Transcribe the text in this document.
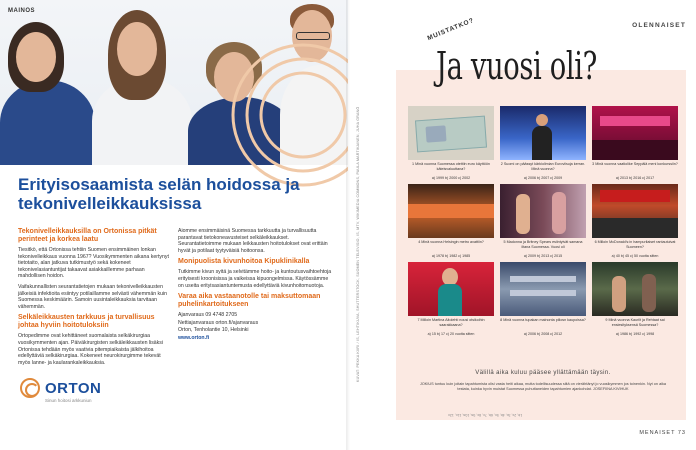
MAINOS
Erityisosaamista selän hoidossa ja tekonivelleikkauksissa
Tekonivelleikkauksilla on Ortonissa pitkät perinteet ja korkea laatu

Tiesitkö, että Ortonissa tehtiin Suomen ensimmäinen lonkan tekonivelleikkaus vuonna 1967? Vuosikymmenten aikana kertynyt tietotaito, alan jatkuva tutkimustyö sekä kokeneet tekonivelasiantuntijat takaavat asiakkaillemme parhaan mahdollisen hoidon.

Vaifakunnallisten seurantatietojen mukaan tekonivelleikkausten jälkeisiä infektioita esiintyy potilaillamme selvästi vähemmän kuin Suomessa keskimäärin. Samoin uusintaleikkauksia tarvitaan vähemmän.

Selkäleikkausten tarkkuus ja turvallisuus johtaa hyviin hoitotuloksiin

Ortopedimme ovat kehittäneet suomalaista selkäkirurgiaa vuosikymmenten ajan. Päiväkirurgisten selkäleikkausten lisäksi Ortonissa tehdään myös vaativia pitempiaikaista jälkihoitoa edellyttäviä selkäkirurgiaa. Kokeneet neurokirurgimme tekevät myös lanne- ja kaularankaleikkauksia.

Aiomme ensimmäisinä Suomessa tarkkuutta ja turvallisuutta parantavat tietokoneavusteiset selkäleikkaukset. Seurantatietoimme mukaan leikkausten hoitotulokset ovat erittäin hyvät ja potilaat tyytyväisiä hoitoonsa.

Monipuolista kivunhoitoa Kipuklinikalla

Tutkimme kivun syitä ja selvitämme hoito- ja kuntoutusvaihtoehtoja erityisesti kroonisissa ja vaikeissa kipuongelmissa. Käytössämme on useita erityisasiantuntemusta edellyttäviä kivunhoitomuotoja.

Varaa aika vastaanotolle tai maksuttomaan puhelinkartoitukseen

Ajanvaraus 09 4748 2705

Nettiajanvaraus orton.fi/ajanvaraus

Orton, Tenholantie 10, Helsinki

www.orton.fi

ORTON
Sinun hoitosi arkkuniun
KUVAT: PEKKA KIIRI / IS, LEHTIKUVA, SHUTTERSTOCK, SUOMEN TELEVISIO, IS, MTV, WIKIMEDIA COMMONS, PAULA MARTIKAINEN, JUHA GRANÖ
OLENNAISET
MUISTATKO?
Ja vuosi oli?
1 Minä vuonna Suomessa otettiin euro käyttöön käteisvaluuttana?
a) 1999 b) 2000 c) 2002
2 Suomi on päässyt kärkiolimian Euroviisuja kerran. Minä vuonna?
a) 2006 b) 2007 c) 2009
3 Minä vuonna vaatiolike Seppälä meni konkurssiin?
a) 2013 b) 2016 c) 2017
4 Minä vuonna Helsingin metro avattiin?
a) 1978 b) 1982 c) 1985
5 Madonna ja Britney Spears esiintyivät samana iltana Suomessa. Vuosi oli
a) 2009 b) 2013 c) 2015
6 Milloin McDonald's:in hampurilaiset rantautuivat Suomeen?
a) 40 b) 45 c) 50 vuotta sitten
7 Milloin Martina Aitolehti nousi otsikoihin saarakkaana?
a) 15 b) 17 c) 20 vuotta sitten
8 Minä vuonna tupakan mainonta piilosn kaupoissa?
a) 2006 b) 2008 c) 2012
9 Minä vuonna Kaurilt ja Rehtaat sai ensiesityksensä Suomessa?
a) 1986 b) 1992 c) 1998
Välillä aika kuluu pääsee yllättämään täysin.
JOKIUS tuntuu kuin joitain tapahtumista olisi vasta heiti aikaa, mutta todellisuudessa siitä on vierähtänyt jo vuosikymmen jos toinenkin. Nyt on aika testata, kuinka hyvin muistat Suomessa puhuttaneiden tapahtumien ajankohdat. JOSEFIINA KIVIHUK
1b, 2c, 3c, 4b, 5c, 6b, 7c, 8c, 9a, 10a, 11c, 12c
MENAISET 73
